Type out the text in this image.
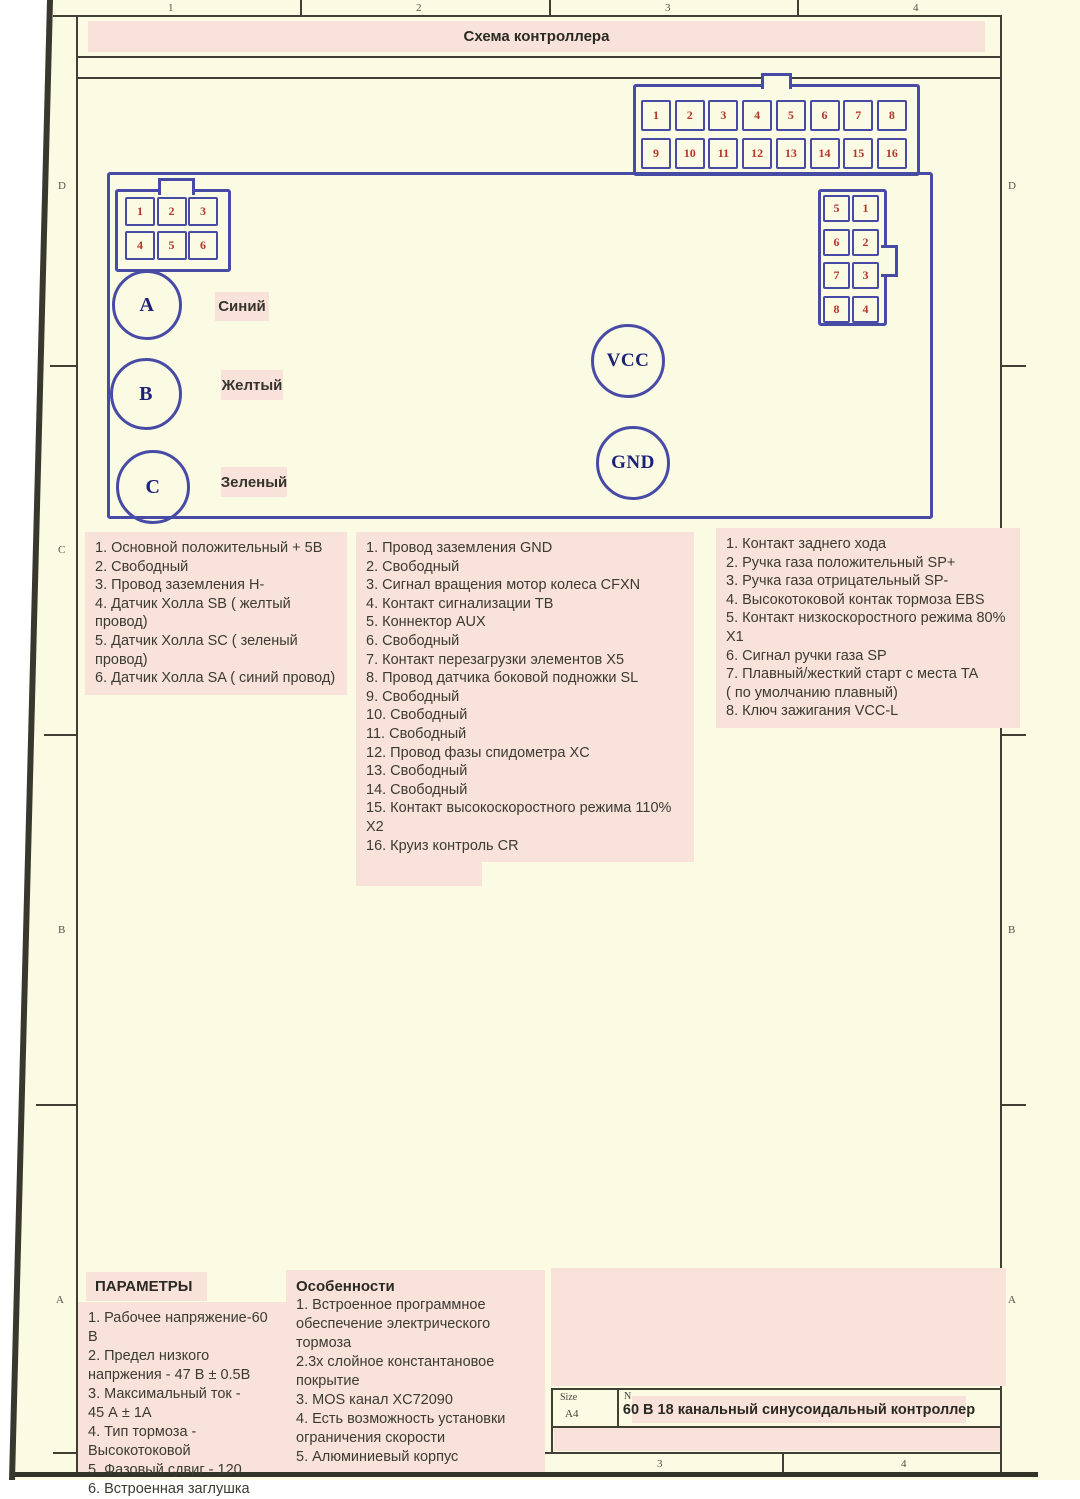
1	2	3	4
3	4
D
C
B
A
D
B
A
Схема контроллера
1	2	3	4	5	6	7	8
9	10	11	12	13	14	15	16
1	2	3
4	5	6
5	1
6	2
7	3
8	4
A
B
C
Синий
Желтый
Зеленый
VCC
GND
1. Основной положительный + 5В
2. Свободный
3. Провод заземления H-
4. Датчик Холла SB ( желтый провод)
5. Датчик Холла SC ( зеленый провод)
6. Датчик Холла SA ( синий провод)
1. Провод заземления GND
2. Свободный
3. Сигнал вращения мотор колеса CFXN
4. Контакт сигнализации TB
5. Коннектор AUX
6. Свободный
7. Контакт перезагрузки элементов X5
8. Провод датчика боковой подножки SL
9. Свободный
10. Свободный
11. Свободный
12. Провод фазы спидометра XC
13. Свободный
14. Свободный
15. Контакт высокоскоростного режима 110% X2
16. Круиз контроль CR
1. Контакт заднего хода
2. Ручка газа положительный SP+
3. Ручка газа отрицательный SP-
4. Высокотоковой контак тормоза EBS
5. Контакт низкоскоростного режима 80% X1
6. Сигнал ручки газа SP
7. Плавный/жесткий старт с места TA
( по умолчанию плавный)
8. Ключ зажигания VCC-L
ПАРАМЕТРЫ
1. Рабочее напряжение-60 В
2. Предел низкого
напржения - 47 В ± 0.5В
3. Максимальный ток -
45 А ± 1А
4. Тип тормоза -
Высокотоковой
5. Фазовый сдвиг - 120
6. Встроенная заглушка
Особенности
1. Встроенное программное
обеспечение электрического
тормоза
2.3х слойное константановое
покрытие
3. MOS канал XC72090
4. Есть возможность установки
ограничения скорости
5. Алюминиевый корпус
Size
A4
N
60 В 18 канальный синусоидальный контроллер
